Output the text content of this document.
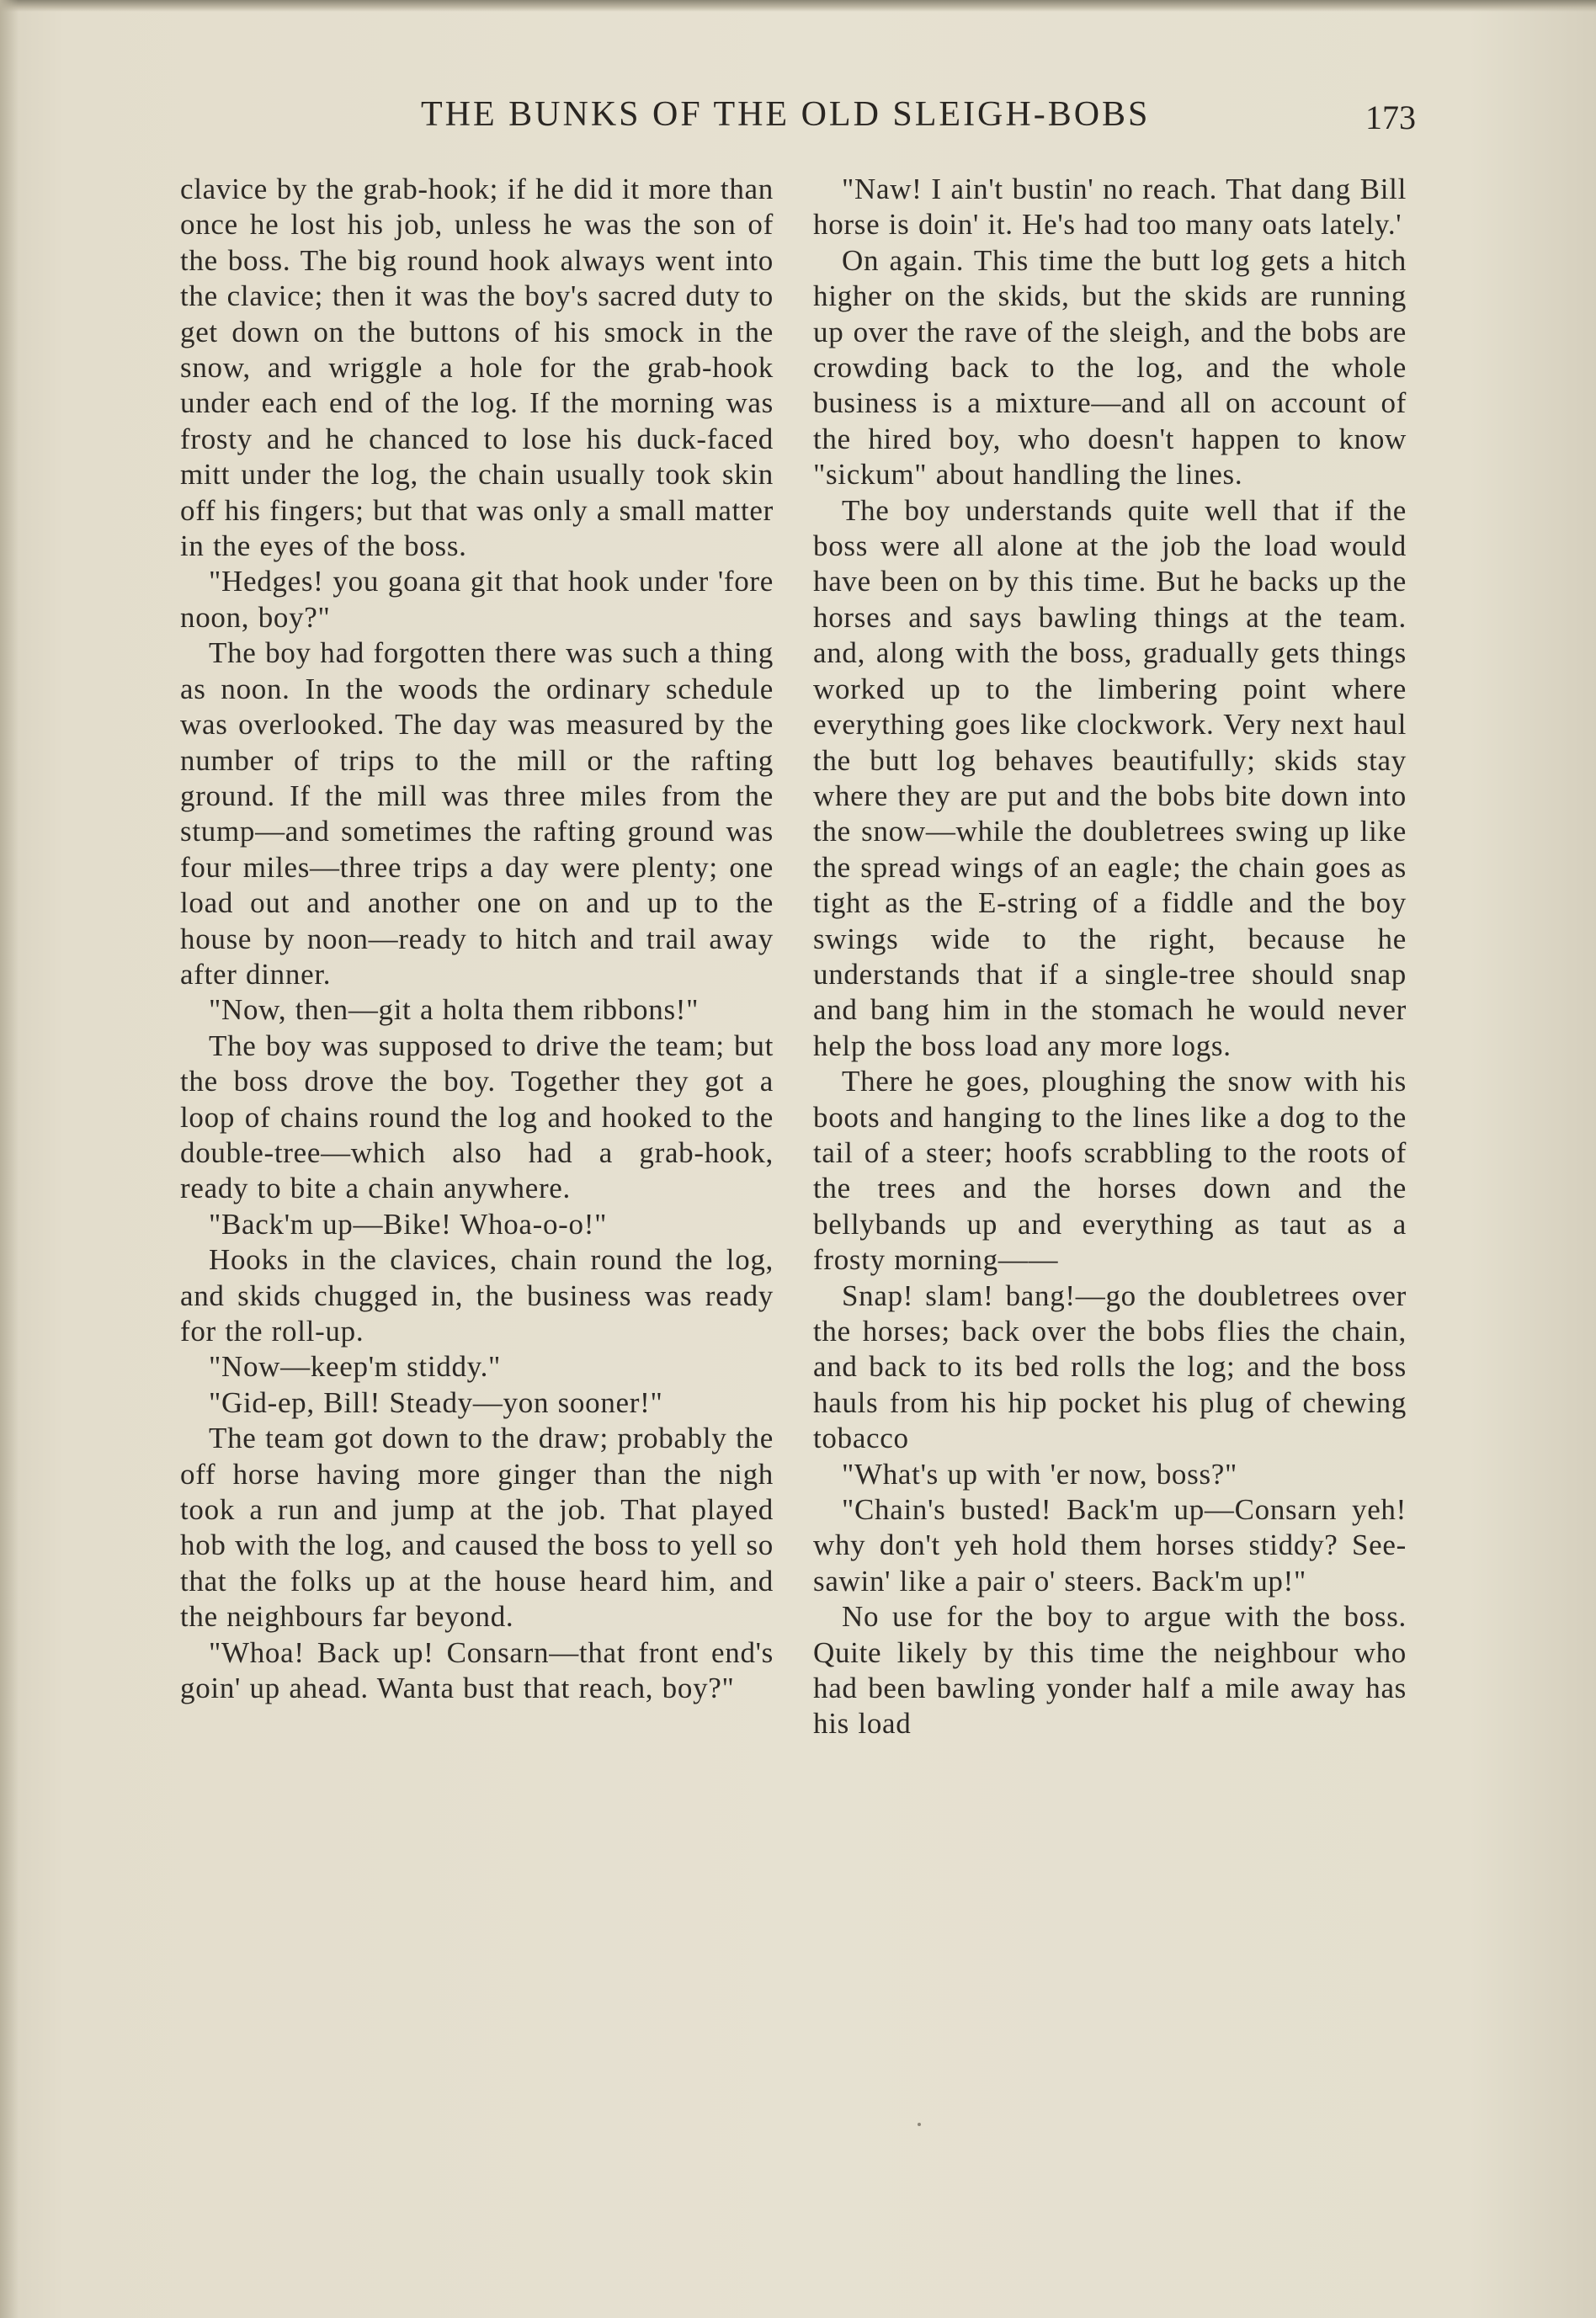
THE BUNKS OF THE OLD SLEIGH-BOBS	173

clavice by the grab-hook; if he did it more than once he lost his job, unless he was the son of the boss. The big round hook always went into the clavice; then it was the boy's sacred duty to get down on the buttons of his smock in the snow, and wriggle a hole for the grab-hook under each end of the log. If the morning was frosty and he chanced to lose his duck-faced mitt under the log, the chain usually took skin off his fingers; but that was only a small matter in the eyes of the boss.

"Hedges! you goana git that hook under 'fore noon, boy?"

The boy had forgotten there was such a thing as noon. In the woods the ordinary schedule was overlooked. The day was measured by the number of trips to the mill or the rafting ground. If the mill was three miles from the stump—and sometimes the rafting ground was four miles—three trips a day were plenty; one load out and another one on and up to the house by noon—ready to hitch and trail away after dinner.

"Now, then—git a holta them ribbons!"

The boy was supposed to drive the team; but the boss drove the boy. Together they got a loop of chains round the log and hooked to the double-tree—which also had a grab-hook, ready to bite a chain anywhere.

"Back'm up—Bike! Whoa-o-o!"

Hooks in the clavices, chain round the log, and skids chugged in, the business was ready for the roll-up.

"Now—keep'm stiddy."

"Gid-ep, Bill! Steady—yon sooner!"

The team got down to the draw; probably the off horse having more ginger than the nigh took a run and jump at the job. That played hob with the log, and caused the boss to yell so that the folks up at the house heard him, and the neighbours far beyond.

"Whoa! Back up! Consarn—that front end's goin' up ahead. Wanta bust that reach, boy?"

"Naw! I ain't bustin' no reach. That dang Bill horse is doin' it. He's had too many oats lately.'

On again. This time the butt log gets a hitch higher on the skids, but the skids are running up over the rave of the sleigh, and the bobs are crowding back to the log, and the whole business is a mixture—and all on account of the hired boy, who doesn't happen to know "sickum" about handling the lines.

The boy understands quite well that if the boss were all alone at the job the load would have been on by this time. But he backs up the horses and says bawling things at the team. and, along with the boss, gradually gets things worked up to the limbering point where everything goes like clockwork. Very next haul the butt log behaves beautifully; skids stay where they are put and the bobs bite down into the snow—while the doubletrees swing up like the spread wings of an eagle; the chain goes as tight as the E-string of a fiddle and the boy swings wide to the right, because he understands that if a single-tree should snap and bang him in the stomach he would never help the boss load any more logs.

There he goes, ploughing the snow with his boots and hanging to the lines like a dog to the tail of a steer; hoofs scrabbling to the roots of the trees and the horses down and the bellybands up and everything as taut as a frosty morning——

Snap! slam! bang!—go the doubletrees over the horses; back over the bobs flies the chain, and back to its bed rolls the log; and the boss hauls from his hip pocket his plug of chewing tobacco

"What's up with 'er now, boss?"

"Chain's busted! Back'm up—Consarn yeh! why don't yeh hold them horses stiddy? See-sawin' like a pair o' steers. Back'm up!"

No use for the boy to argue with the boss. Quite likely by this time the neighbour who had been bawling yonder half a mile away has his load
